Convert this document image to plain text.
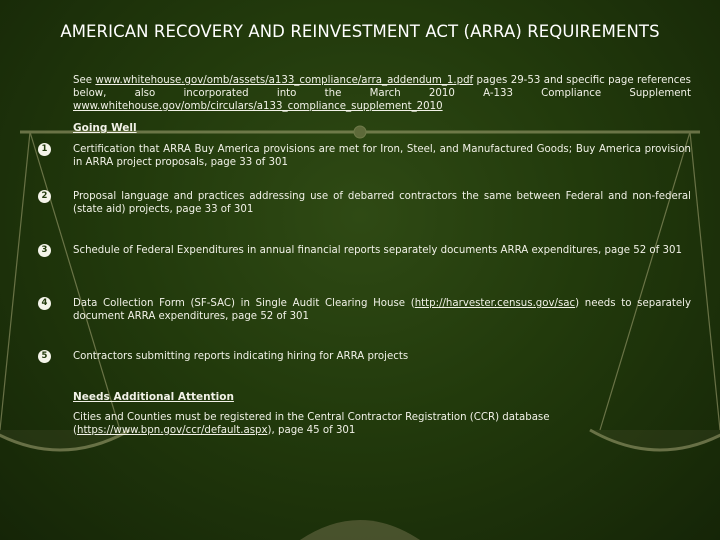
AMERICAN RECOVERY AND REINVESTMENT ACT (ARRA) REQUIREMENTS
See www.whitehouse.gov/omb/assets/a133_compliance/arra_addendum_1.pdf pages 29-53 and specific page references below, also incorporated into the March 2010 A-133 Compliance Supplement www.whitehouse.gov/omb/circulars/a133_compliance_supplement_2010
Going Well
1	Certification that ARRA Buy America provisions are met for Iron, Steel, and Manufactured Goods; Buy America provision in ARRA project proposals, page 33 of 301
2	Proposal language and practices addressing use of debarred contractors the same between Federal and non-federal (state aid) projects, page 33 of 301
3	Schedule of Federal Expenditures in annual financial reports separately documents ARRA expenditures, page 52 of 301
4	Data Collection Form (SF-SAC) in Single Audit Clearing House (http://harvester.census.gov/sac) needs to separately document ARRA expenditures, page 52 of 301
5	Contractors submitting reports indicating hiring for ARRA projects
Needs Additional Attention
Cities and Counties must be registered in the Central Contractor Registration (CCR) database (https://www.bpn.gov/ccr/default.aspx), page 45 of 301
